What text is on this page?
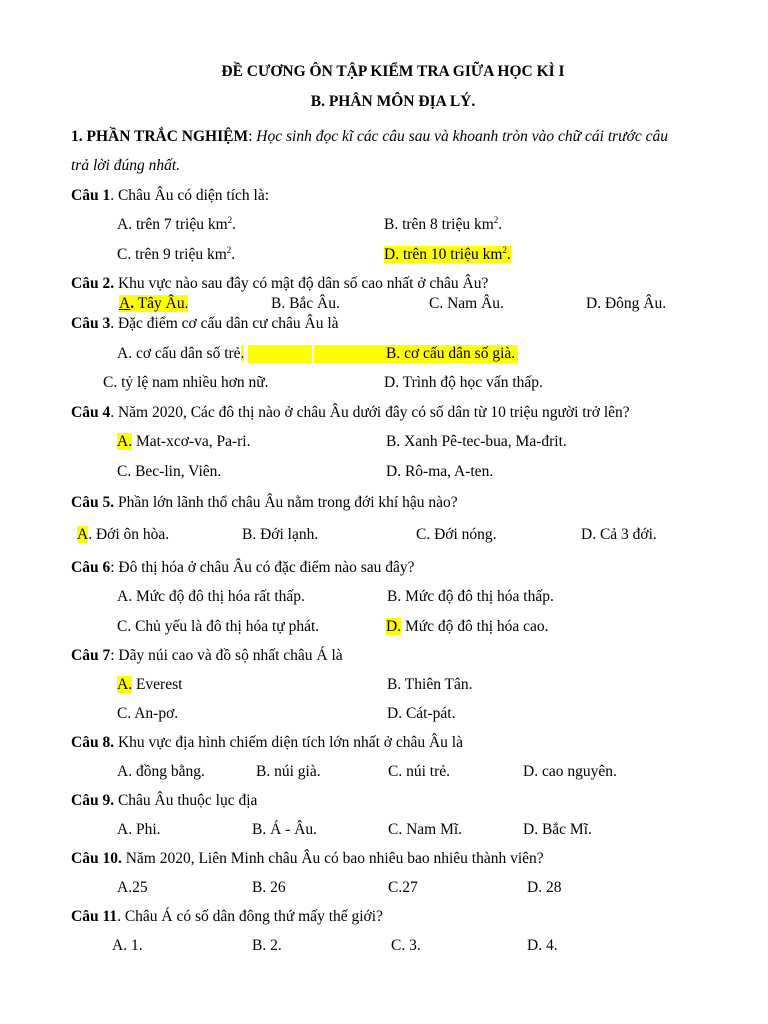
ĐỀ CƯƠNG ÔN TẬP KIỂM TRA GIỮA HỌC KÌ I
B. PHÂN MÔN ĐỊA LÝ.
1. PHẦN TRẮC NGHIỆM: Học sinh đọc kĩ các câu sau và khoanh tròn vào chữ cái trước câu
trả lời đúng nhất.
Câu 1. Châu Âu có diện tích là:
A. trên 7 triệu $km^2$.	B. trên 8 triệu $km^2$.
C. trên 9 triệu $km^2$.	D. trên 10 triệu $km^2$.
Câu 2. Khu vực nào sau đây có mật độ dân số cao nhất ở châu Âu?
A. Tây Âu.	B. Bắc Âu.	C. Nam Âu.	D. Đông Âu.
Câu 3. Đặc điểm cơ cấu dân cư châu Âu là
A. cơ cấu dân số trẻ.	B. cơ cấu dân số già.
C. tỷ lệ nam nhiều hơn nữ.	D. Trình độ học vấn thấp.
Câu 4. Năm 2020, Các đô thị nào ở châu Âu dưới đây có số dân từ 10 triệu người trở lên?
A. Mat-xcơ-va, Pa-ri.	B. Xanh Pê-tec-bua, Ma-đrit.
C. Bec-lin, Viên.	D. Rô-ma, A-ten.
Câu 5. Phần lớn lãnh thổ châu Âu nằm trong đới khí hậu nào?
A. Đới ôn hòa.	B. Đới lạnh.	C. Đới nóng.	D. Cả 3 đới.
Câu 6: Đô thị hóa ở châu Âu có đặc điểm nào sau đây?
A. Mức độ đô thị hóa rất thấp.	B. Mức độ đô thị hóa thấp.
C. Chủ yếu là đô thị hóa tự phát.	D. Mức độ đô thị hóa cao.
Câu 7: Dãy núi cao và đồ sộ nhất châu Á là
A. Everest	B. Thiên Tân.
C. An-pơ.	D. Cát-pát.
Câu 8. Khu vực địa hình chiếm diện tích lớn nhất ở châu Âu là
A. đồng bằng.	B. núi già.	C. núi trẻ.	D. cao nguyên.
Câu 9. Châu Âu thuộc lục địa
A. Phi.	B. Á - Âu.	C. Nam Mĩ.	D. Bắc Mĩ.
Câu 10. Năm 2020, Liên Minh châu Âu có bao nhiêu bao nhiêu thành viên?
A.25	B. 26	C.27	D. 28
Câu 11. Châu Á có số dân đông thứ mấy thế giới?
A. 1.	B. 2.	C. 3.	D. 4.
